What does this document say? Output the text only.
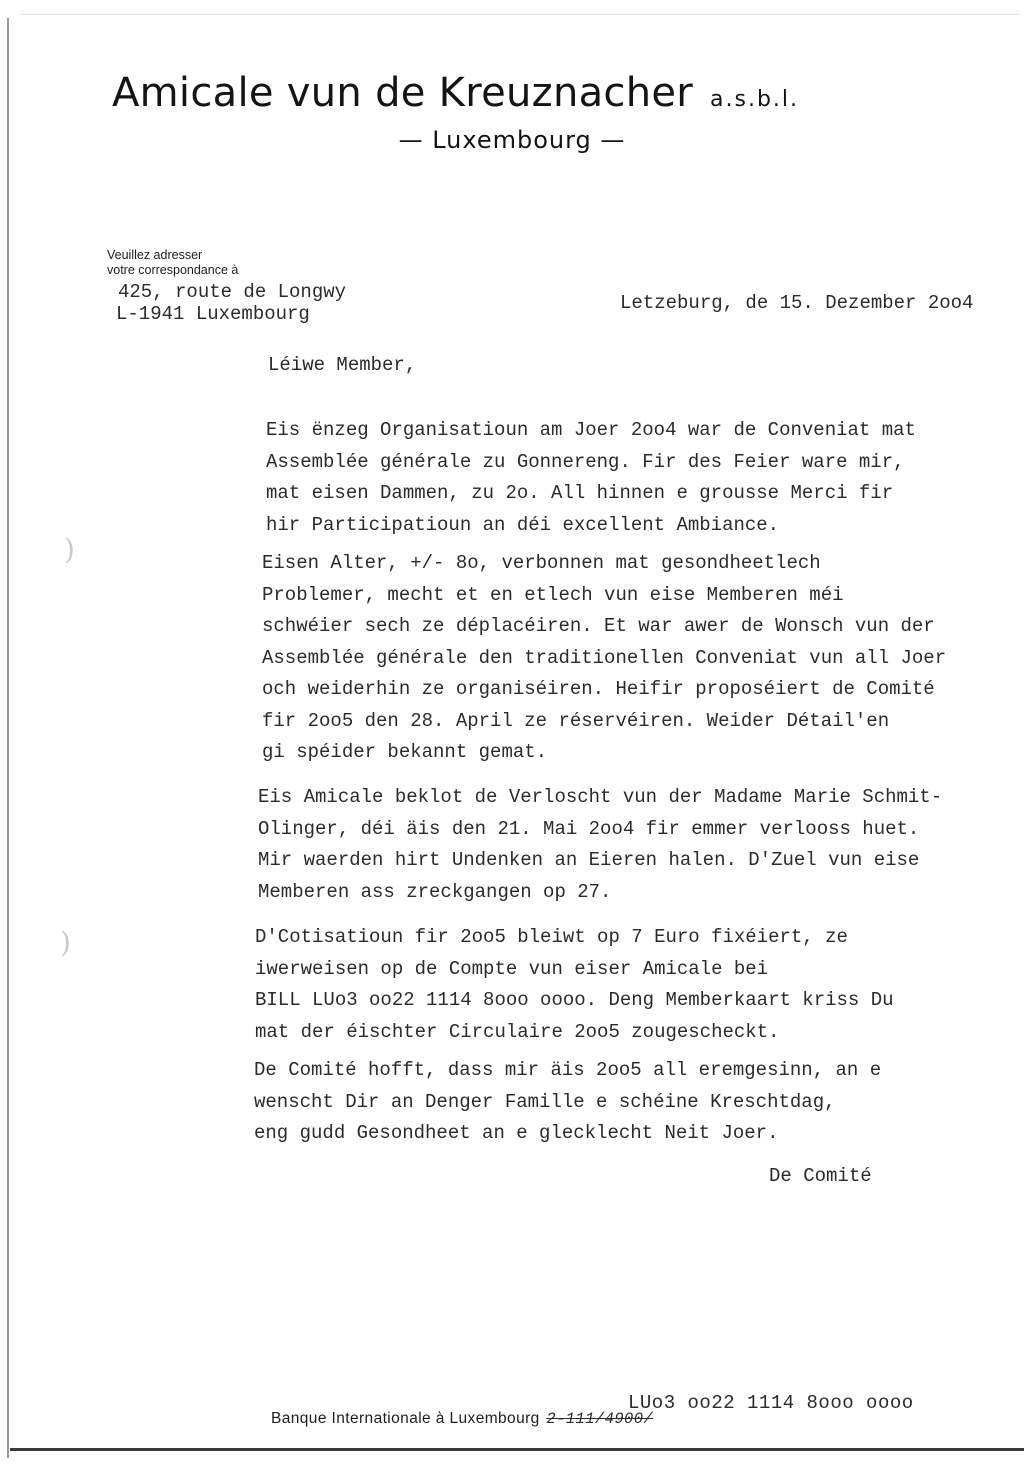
Amicale vun de Kreuznacher a.s.b.l.
— Luxembourg —
Veuillez adresser
votre correspondance à
425, route de Longwy
L-1941 Luxembourg	Letzeburg, de 15. Dezember 2oo4
Léiwe Member,
Eis ënzeg Organisatioun am Joer 2oo4 war de Conveniat mat
Assemblée générale zu Gonnereng. Fir des Feier ware mir,
mat eisen Dammen, zu 2o. All hinnen e grousse Merci fir
hir Participatioun an déi excellent Ambiance.
Eisen Alter, +/- 8o, verbonnen mat gesondheetlech
Problemer, mecht et en etlech vun eise Memberen méi
schwéier sech ze déplacéiren. Et war awer de Wonsch vun der
Assemblée générale den traditionellen Conveniat vun all Joer
och weiderhin ze organiséiren. Heifir proposéiert de Comité
fir 2oo5 den 28. April ze réservéiren. Weider Détail'en
gi spéider bekannt gemat.
Eis Amicale beklot de Verloscht vun der Madame Marie Schmit-
Olinger, déi äis den 21. Mai 2oo4 fir emmer verlooss huet.
Mir waerden hirt Undenken an Eieren halen. D'Zuel vun eise
Memberen ass zreckgangen op 27.
D'Cotisatioun fir 2oo5 bleiwt op 7 Euro fixéiert, ze
iwerweisen op de Compte vun eiser Amicale bei
BILL LUo3 oo22 1114 8ooo oooo. Deng Memberkaart kriss Du
mat der éischter Circulaire 2oo5 zougescheckt.
De Comité hofft, dass mir äis 2oo5 all eremgesinn, an e
wenscht Dir an Denger Famille e schéine Kreschtdag,
eng gudd Gesondheet an e glecklecht Neit Joer.
De Comité
LUo3 oo22 1114 8ooo oooo
Banque Internationale à Luxembourg 2-111/4900/
)
)
